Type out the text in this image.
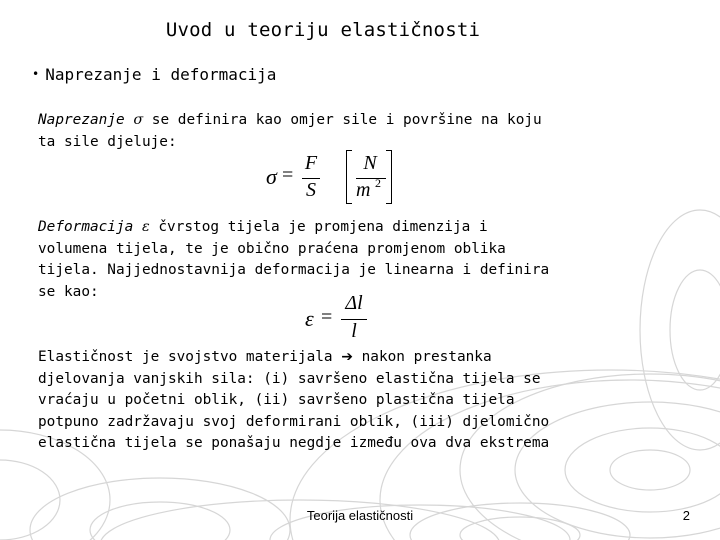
Uvod u teoriju elastičnosti
• Naprezanje i deformacija
Naprezanje σ se definira kao omjer sile i površine na koju
ta sile djeluje:
σ =
F
S
N
m 2
Deformacija ε čvrstog tijela je promjena dimenzija i
volumena tijela, te je obično praćena promjenom oblika
tijela. Najjednostavnija deformacija je linearna i definira
se kao:
ε =
Δl
l
Elastičnost je svojstvo materijala ➔ nakon prestanka
djelovanja vanjskih sila: (i) savršeno elastična tijela se
vraćaju u početni oblik, (ii) savršeno plastična tijela
potpuno zadržavaju svoj deformirani oblik, (iii) djelomično
elastična tijela se ponašaju negdje između ova dva ekstrema
Teorija elastičnosti	2
